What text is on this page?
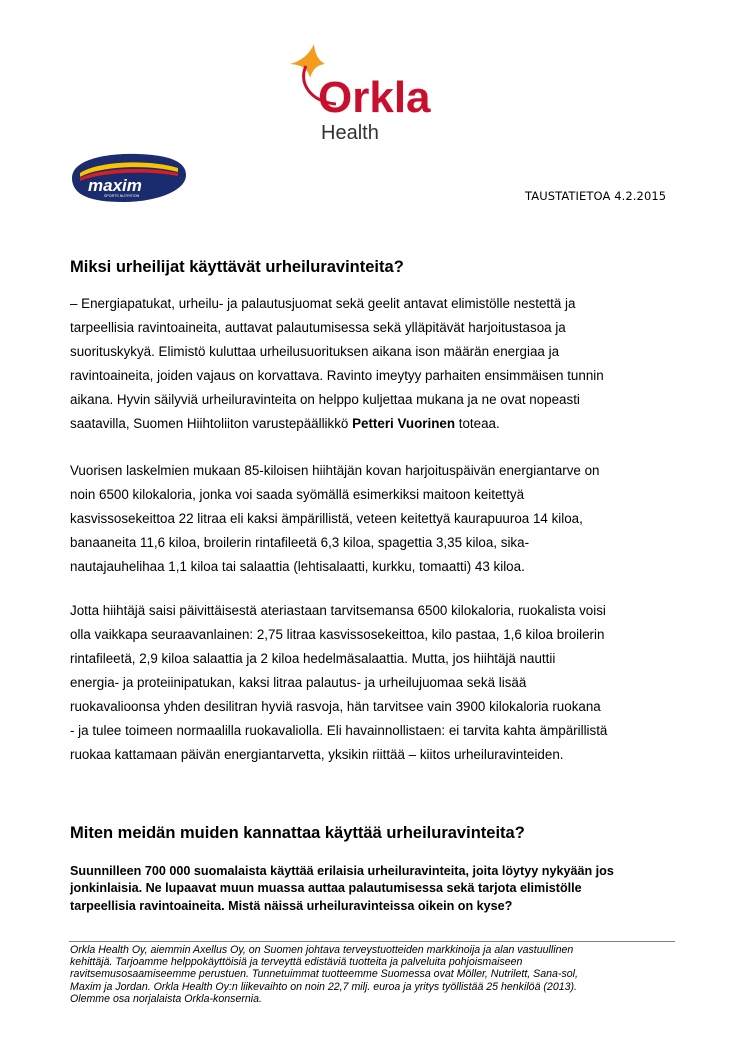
Orkla
Health
maxim
SPORTS NUTRITION	TAUSTATIETOA 4.2.2015
Miksi urheilijat käyttävät urheiluravinteita?
– Energiapatukat, urheilu- ja palautusjuomat sekä geelit antavat elimistölle nestettä ja
tarpeellisia ravintoaineita, auttavat palautumisessa sekä ylläpitävät harjoitustasoa ja
suorituskykyä. Elimistö kuluttaa urheilusuorituksen aikana ison määrän energiaa ja
ravintoaineita, joiden vajaus on korvattava. Ravinto imeytyy parhaiten ensimmäisen tunnin
aikana. Hyvin säilyviä urheiluravinteita on helppo kuljettaa mukana ja ne ovat nopeasti
saatavilla, Suomen Hiihtoliiton varustepäällikkö Petteri Vuorinen toteaa.
Vuorisen laskelmien mukaan 85-kiloisen hiihtäjän kovan harjoituspäivän energiantarve on
noin 6500 kilokaloria, jonka voi saada syömällä esimerkiksi maitoon keitettyä
kasvissosekeittoa 22 litraa eli kaksi ämpärillistä, veteen keitettyä kaurapuuroa 14 kiloa,
banaaneita 11,6 kiloa, broilerin rintafileetä 6,3 kiloa, spagettia 3,35 kiloa, sika-
nautajauhelihaa 1,1 kiloa tai salaattia (lehtisalaatti, kurkku, tomaatti) 43 kiloa.
Jotta hiihtäjä saisi päivittäisestä ateriastaan tarvitsemansa 6500 kilokaloria, ruokalista voisi
olla vaikkapa seuraavanlainen: 2,75 litraa kasvissosekeittoa, kilo pastaa, 1,6 kiloa broilerin
rintafileetä, 2,9 kiloa salaattia ja 2 kiloa hedelmäsalaattia. Mutta, jos hiihtäjä nauttii
energia- ja proteiinipatukan, kaksi litraa palautus- ja urheilujuomaa sekä lisää
ruokavalioonsa yhden desilitran hyviä rasvoja, hän tarvitsee vain 3900 kilokaloria ruokana
- ja tulee toimeen normaalilla ruokavaliolla. Eli havainnollistaen: ei tarvita kahta ämpärillistä
ruokaa kattamaan päivän energiantarvetta, yksikin riittää – kiitos urheiluravinteiden.
Miten meidän muiden kannattaa käyttää urheiluravinteita?
Suunnilleen 700 000 suomalaista käyttää erilaisia urheiluravinteita, joita löytyy nykyään jos
jonkinlaisia. Ne lupaavat muun muassa auttaa palautumisessa sekä tarjota elimistölle
tarpeellisia ravintoaineita. Mistä näissä urheiluravinteissa oikein on kyse?
Orkla Health Oy, aiemmin Axellus Oy, on Suomen johtava terveystuotteiden markkinoija ja alan vastuullinen
kehittäjä. Tarjoamme helppokäyttöisiä ja terveyttä edistäviä tuotteita ja palveluita pohjoismaiseen
ravitsemusosaamiseemme perustuen. Tunnetuimmat tuotteemme Suomessa ovat Möller, Nutrilett, Sana-sol,
Maxim ja Jordan. Orkla Health Oy:n liikevaihto on noin 22,7 milj. euroa ja yritys työllistää 25 henkilöä (2013).
Olemme osa norjalaista Orkla-konsernia.
